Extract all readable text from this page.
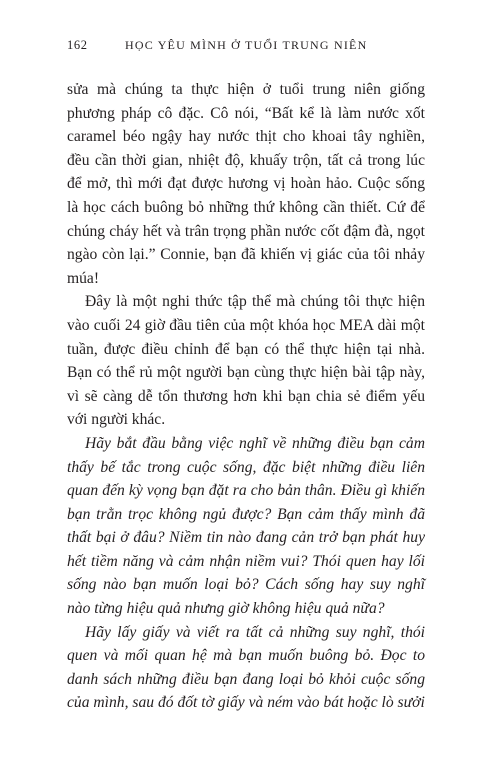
162	HỌC YÊU MÌNH Ở TUỔI TRUNG NIÊN

sửa mà chúng ta thực hiện ở tuổi trung niên giống phương pháp cô đặc. Cô nói, “Bất kể là làm nước xốt caramel béo ngậy hay nước thịt cho khoai tây nghiền, đều cần thời gian, nhiệt độ, khuấy trộn, tất cả trong lúc để mở, thì mới đạt được hương vị hoàn hảo. Cuộc sống là học cách buông bỏ những thứ không cần thiết. Cứ để chúng cháy hết và trân trọng phần nước cốt đậm đà, ngọt ngào còn lại.” Connie, bạn đã khiến vị giác của tôi nhảy múa!

Đây là một nghi thức tập thể mà chúng tôi thực hiện vào cuối 24 giờ đầu tiên của một khóa học MEA dài một tuần, được điều chỉnh để bạn có thể thực hiện tại nhà. Bạn có thể rủ một người bạn cùng thực hiện bài tập này, vì sẽ càng dễ tổn thương hơn khi bạn chia sẻ điểm yếu với người khác.

Hãy bắt đầu bằng việc nghĩ về những điều bạn cảm thấy bế tắc trong cuộc sống, đặc biệt những điều liên quan đến kỳ vọng bạn đặt ra cho bản thân. Điều gì khiến bạn trằn trọc không ngủ được? Bạn cảm thấy mình đã thất bại ở đâu? Niềm tin nào đang cản trở bạn phát huy hết tiềm năng và cảm nhận niềm vui? Thói quen hay lối sống nào bạn muốn loại bỏ? Cách sống hay suy nghĩ nào từng hiệu quả nhưng giờ không hiệu quả nữa?

Hãy lấy giấy và viết ra tất cả những suy nghĩ, thói quen và mối quan hệ mà bạn muốn buông bỏ. Đọc to danh sách những điều bạn đang loại bỏ khỏi cuộc sống của mình, sau đó đốt tờ giấy và ném vào bát hoặc lò sưởi
